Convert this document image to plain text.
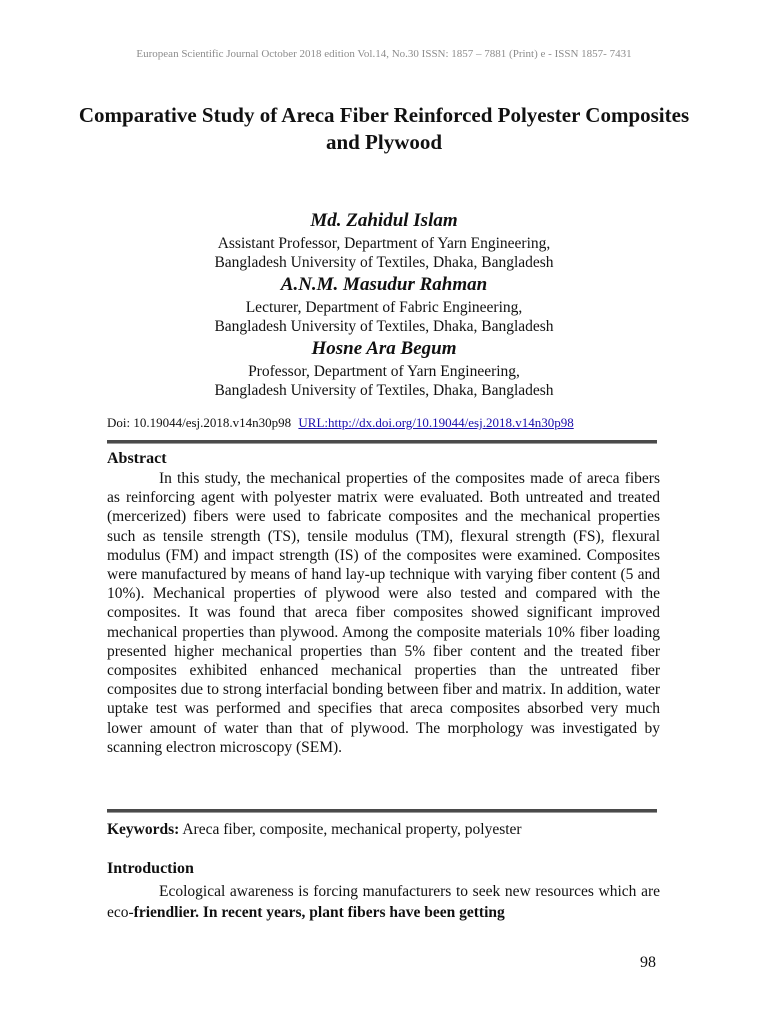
European Scientific Journal October 2018 edition Vol.14, No.30 ISSN: 1857 – 7881 (Print) e - ISSN 1857- 7431
Comparative Study of Areca Fiber Reinforced Polyester Composites and Plywood
Md. Zahidul Islam
Assistant Professor, Department of Yarn Engineering,
Bangladesh University of Textiles, Dhaka, Bangladesh
A.N.M. Masudur Rahman
Lecturer, Department of Fabric Engineering,
Bangladesh University of Textiles, Dhaka, Bangladesh
Hosne Ara Begum
Professor, Department of Yarn Engineering,
Bangladesh University of Textiles, Dhaka, Bangladesh
Doi: 10.19044/esj.2018.v14n30p98 URL:http://dx.doi.org/10.19044/esj.2018.v14n30p98
Abstract

In this study, the mechanical properties of the composites made of areca fibers as reinforcing agent with polyester matrix were evaluated. Both untreated and treated (mercerized) fibers were used to fabricate composites and the mechanical properties such as tensile strength (TS), tensile modulus (TM), flexural strength (FS), flexural modulus (FM) and impact strength (IS) of the composites were examined. Composites were manufactured by means of hand lay-up technique with varying fiber content (5 and 10%). Mechanical properties of plywood were also tested and compared with the composites. It was found that areca fiber composites showed significant improved mechanical properties than plywood. Among the composite materials 10% fiber loading presented higher mechanical properties than 5% fiber content and the treated fiber composites exhibited enhanced mechanical properties than the untreated fiber composites due to strong interfacial bonding between fiber and matrix. In addition, water uptake test was performed and specifies that areca composites absorbed very much lower amount of water than that of plywood. The morphology was investigated by scanning electron microscopy (SEM).

Keywords: Areca fiber, composite, mechanical property, polyester
Introduction

Ecological awareness is forcing manufacturers to seek new resources which are eco-friendlier. In recent years, plant fibers have been getting

98
